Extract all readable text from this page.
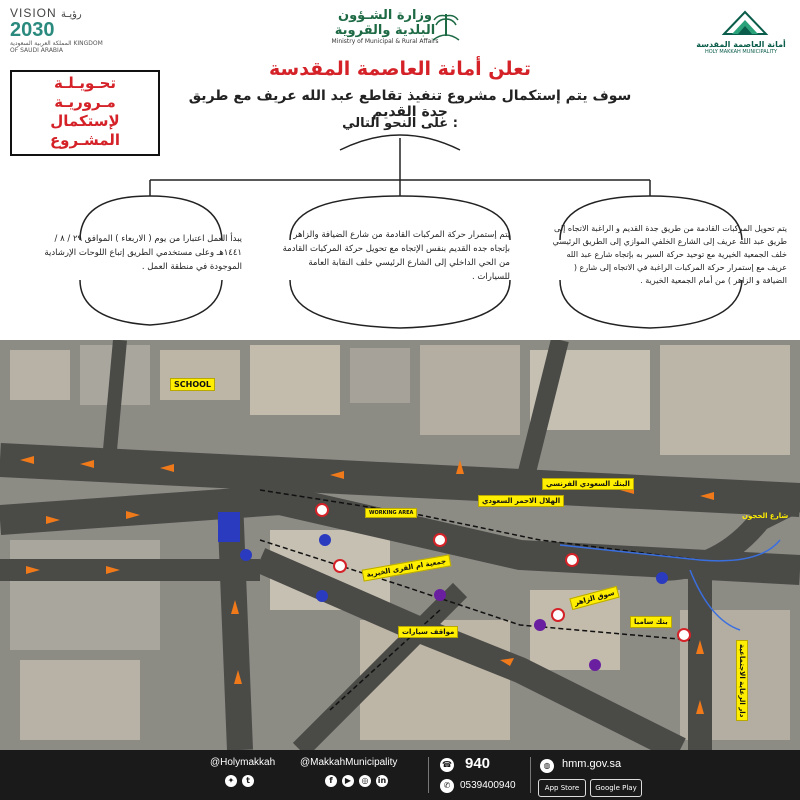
VISION رؤيـة
2030
المملكة العربية السعودية KINGDOM OF SAUDI ARABIA
وزارة الشـؤون
البلدية والقروية
Ministry of Municipal & Rural Affairs	أمانة العاصمة المقدسة
HOLY MAKKAH MUNICIPALITY
تحـويـلـة
مـروريـة
لإستكمال
المشـروع
تعلن أمانة العاصمة المقدسة
سوف يتم إستكمال مشروع تنفيذ تقاطع عبد الله عريف مع طريق جدة القديم
على النحو التالي :
يبدأ العمل اعتبارا من يوم ( الاربعاء ) الموافق ٢٩ / ٨ /١٤٤١هـ وعلى مستخدمي الطريق إتباع اللوحات الإرشادية الموجودة في منطقة العمل .
يتم إستمرار حركة المركبات القادمة من شارع الضيافة والزاهر بإتجاه جده القديم بنفس الإتجاه مع تحويل حركة المركبات القادمة من الحي الداخلي إلى الشارع الرئيسي خلف النقابة العامة للسيارات .
يتم تحويل المركبات القادمة من طريق جدة القديم و الراغبة الاتجاه إلى طريق عبد الله عريف إلى الشارع الخلفي الموازي إلى الطريق الرئيسي خلف الجمعية الخيرية مع توحيد حركة السير به بإتجاه شارع عبد الله عريف مع إستمرار حركة المركبات الراغبة في الاتجاه إلى شارع ( الضيافة و الزاهر ) من أمام الجمعية الخيرية .
SCHOOL
الهلال الاحمر السعودي
البنك السعودي الفرنسي
جمعية ام القرى الخيرية
سوق الزاهر
بنك سامبا
مواقف سيارات
دار الرعاية الاجتماعية
WORKING AREA	شارع الحجون
@Holymakkah
✦	t
@MakkahMunicipality
f	▶	◎	in
☎ 940
✆ 0539400940
◍	hmm.gov.sa
App Store	Google Play
